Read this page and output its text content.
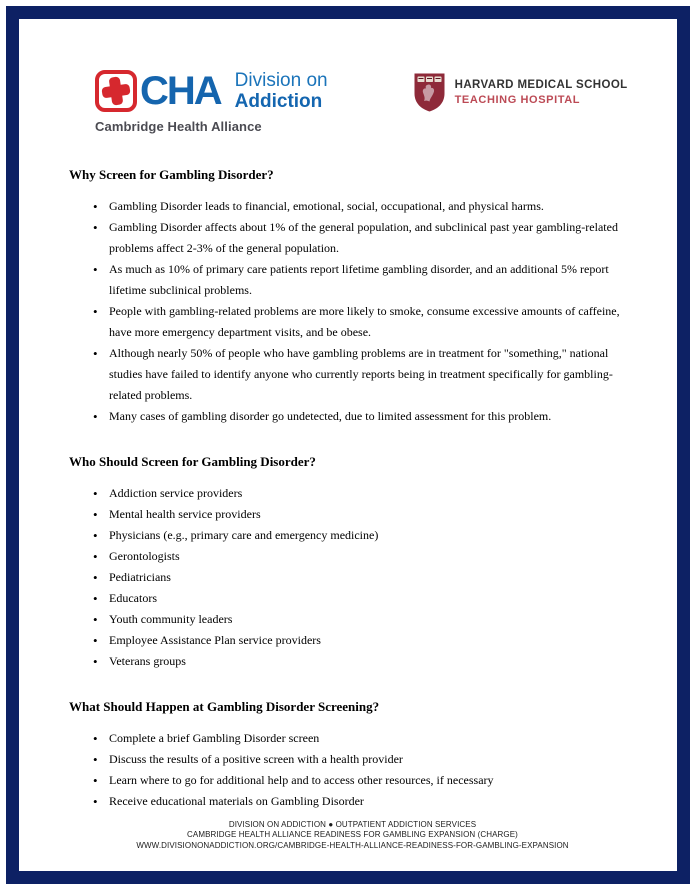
CHA Division on
Addiction
Cambridge Health Alliance
HARVARD MEDICAL SCHOOL
TEACHING HOSPITAL
Why Screen for Gambling Disorder?
• Gambling Disorder leads to financial, emotional, social, occupational, and physical harms.
• Gambling Disorder affects about 1% of the general population, and subclinical past year gambling-related problems affect 2-3% of the general population.
• As much as 10% of primary care patients report lifetime gambling disorder, and an additional 5% report lifetime subclinical problems.
• People with gambling-related problems are more likely to smoke, consume excessive amounts of caffeine, have more emergency department visits, and be obese.
• Although nearly 50% of people who have gambling problems are in treatment for "something," national studies have failed to identify anyone who currently reports being in treatment specifically for gambling-related problems.
• Many cases of gambling disorder go undetected, due to limited assessment for this problem.
Who Should Screen for Gambling Disorder?
• Addiction service providers
• Mental health service providers
• Physicians (e.g., primary care and emergency medicine)
• Gerontologists
• Pediatricians
• Educators
• Youth community leaders
• Employee Assistance Plan service providers
• Veterans groups
What Should Happen at Gambling Disorder Screening?
• Complete a brief Gambling Disorder screen
• Discuss the results of a positive screen with a health provider
• Learn where to go for additional help and to access other resources, if necessary
• Receive educational materials on Gambling Disorder
DIVISION ON ADDICTION ● OUTPATIENT ADDICTION SERVICES
CAMBRIDGE HEALTH ALLIANCE READINESS FOR GAMBLING EXPANSION (CHARGE)
WWW.DIVISIONONADDICTION.ORG/CAMBRIDGE-HEALTH-ALLIANCE-READINESS-FOR-GAMBLING-EXPANSION
